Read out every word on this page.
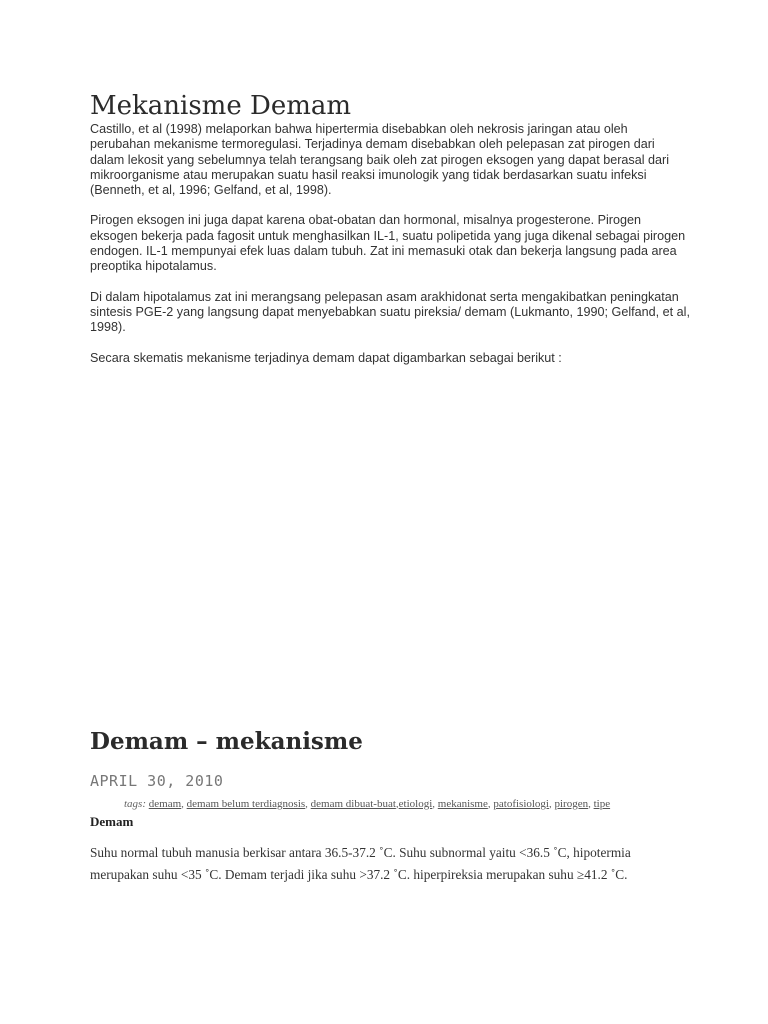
Mekanisme Demam

Castillo, et al (1998) melaporkan bahwa hipertermia disebabkan oleh nekrosis jaringan atau oleh perubahan mekanisme termoregulasi. Terjadinya demam disebabkan oleh pelepasan zat pirogen dari dalam lekosit yang sebelumnya telah terangsang baik oleh zat pirogen eksogen yang dapat berasal dari mikroorganisme atau merupakan suatu hasil reaksi imunologik yang tidak berdasarkan suatu infeksi (Benneth, et al, 1996; Gelfand, et al, 1998).

Pirogen eksogen ini juga dapat karena obat-obatan dan hormonal, misalnya progesterone. Pirogen eksogen bekerja pada fagosit untuk menghasilkan IL-1, suatu polipetida yang juga dikenal sebagai pirogen endogen. IL-1 mempunyai efek luas dalam tubuh. Zat ini memasuki otak dan bekerja langsung pada area preoptika hipotalamus.

Di dalam hipotalamus zat ini merangsang pelepasan asam arakhidonat serta mengakibatkan peningkatan sintesis PGE-2 yang langsung dapat menyebabkan suatu pireksia/ demam (Lukmanto, 1990; Gelfand, et al, 1998).

Secara skematis mekanisme terjadinya demam dapat digambarkan sebagai berikut :

Demam – mekanisme
APRIL 30, 2010
tags: demam, demam belum terdiagnosis, demam dibuat-buat,etiologi, mekanisme, patofisiologi, pirogen, tipe
Demam
Suhu normal tubuh manusia berkisar antara 36.5-37.2 ˚C. Suhu subnormal yaitu <36.5 ˚C, hipotermia
merupakan suhu <35 ˚C. Demam terjadi jika suhu >37.2 ˚C. hiperpireksia merupakan suhu ≥41.2 ˚C.
